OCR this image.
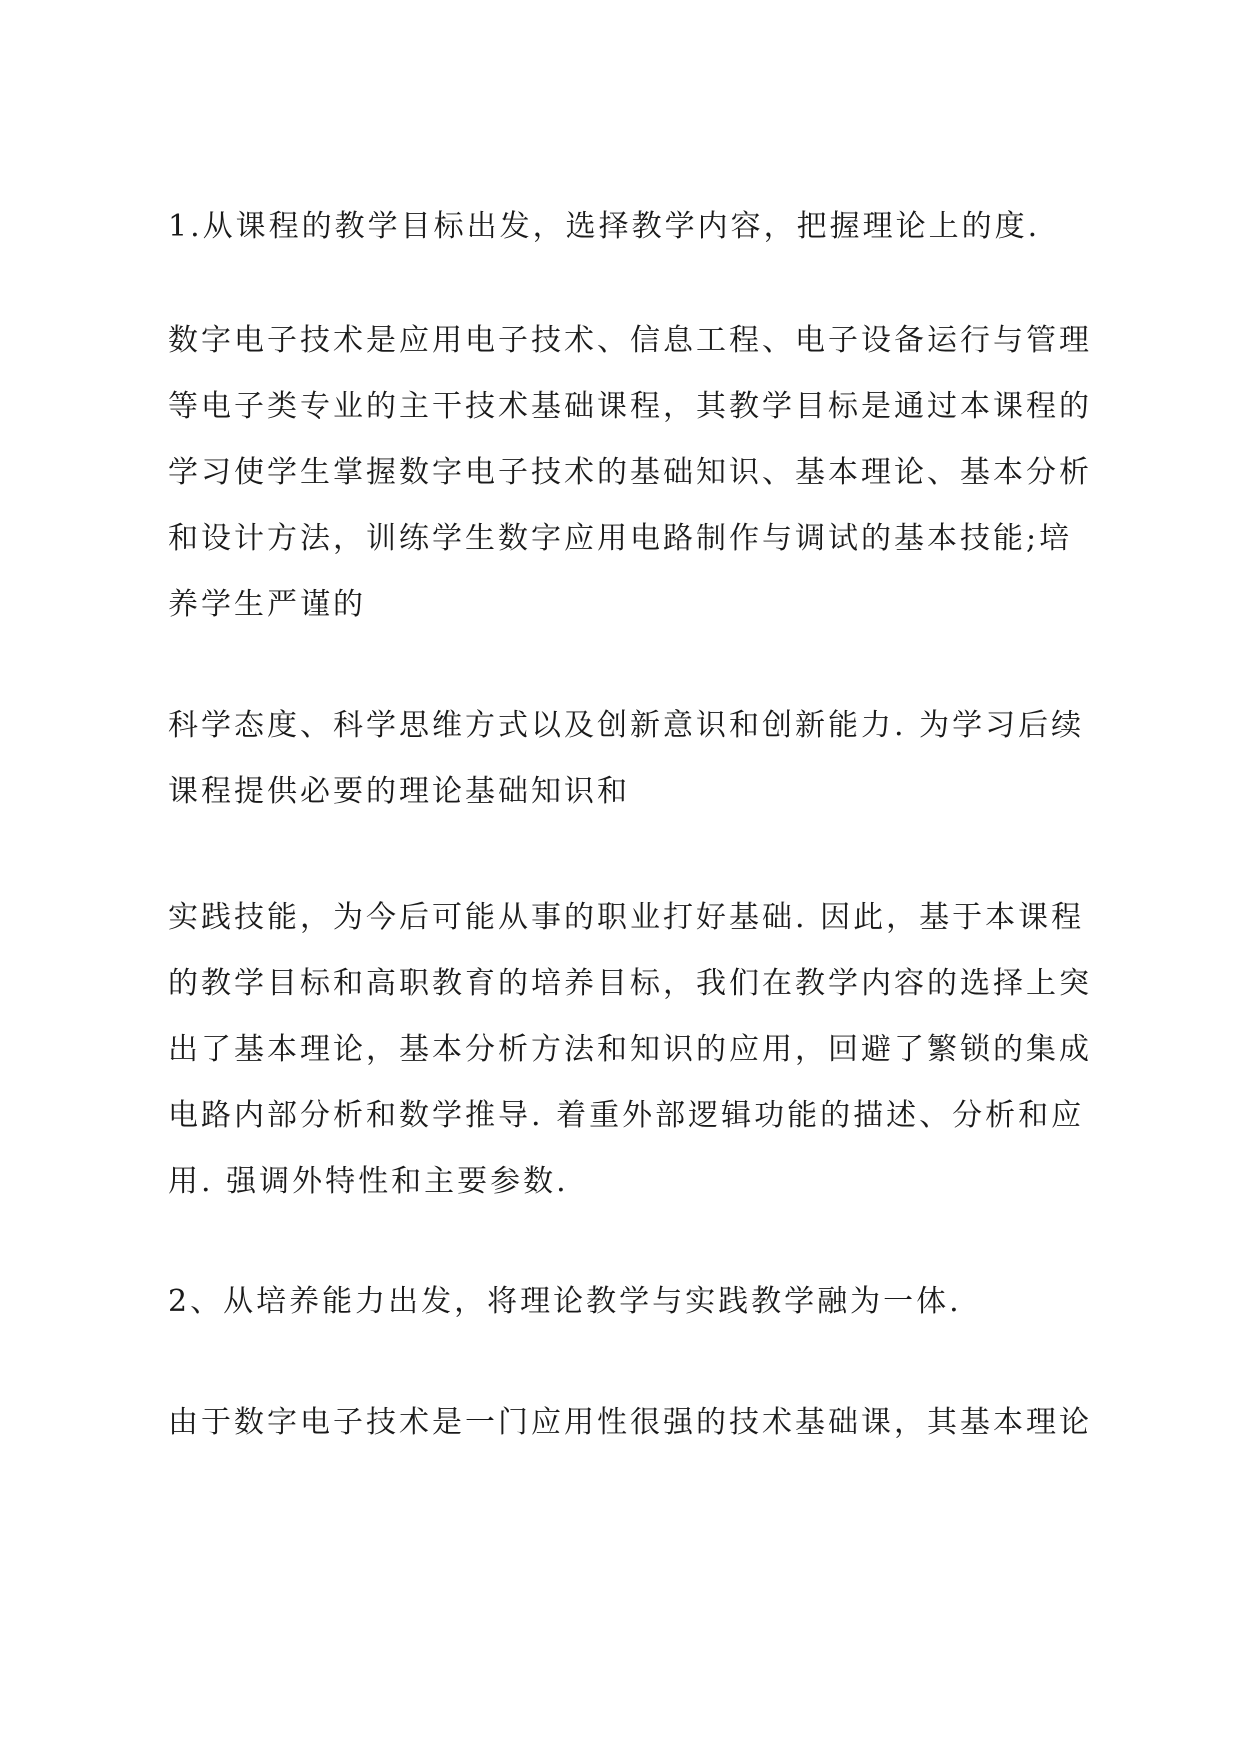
1.从课程的教学目标出发，选择教学内容，把握理论上的度.

数字电子技术是应用电子技术、信息工程、电子设备运行与管理
等电子类专业的主干技术基础课程，其教学目标是通过本课程的
学习使学生掌握数字电子技术的基础知识、基本理论、基本分析
和设计方法，训练学生数字应用电路制作与调试的基本技能;培
养学生严谨的

科学态度、科学思维方式以及创新意识和创新能力. 为学习后续
课程提供必要的理论基础知识和

实践技能，为今后可能从事的职业打好基础. 因此，基于本课程
的教学目标和高职教育的培养目标，我们在教学内容的选择上突
出了基本理论，基本分析方法和知识的应用，回避了繁锁的集成
电路内部分析和数学推导. 着重外部逻辑功能的描述、分析和应
用. 强调外特性和主要参数.

2、从培养能力出发，将理论教学与实践教学融为一体.

由于数字电子技术是一门应用性很强的技术基础课，其基本理论
